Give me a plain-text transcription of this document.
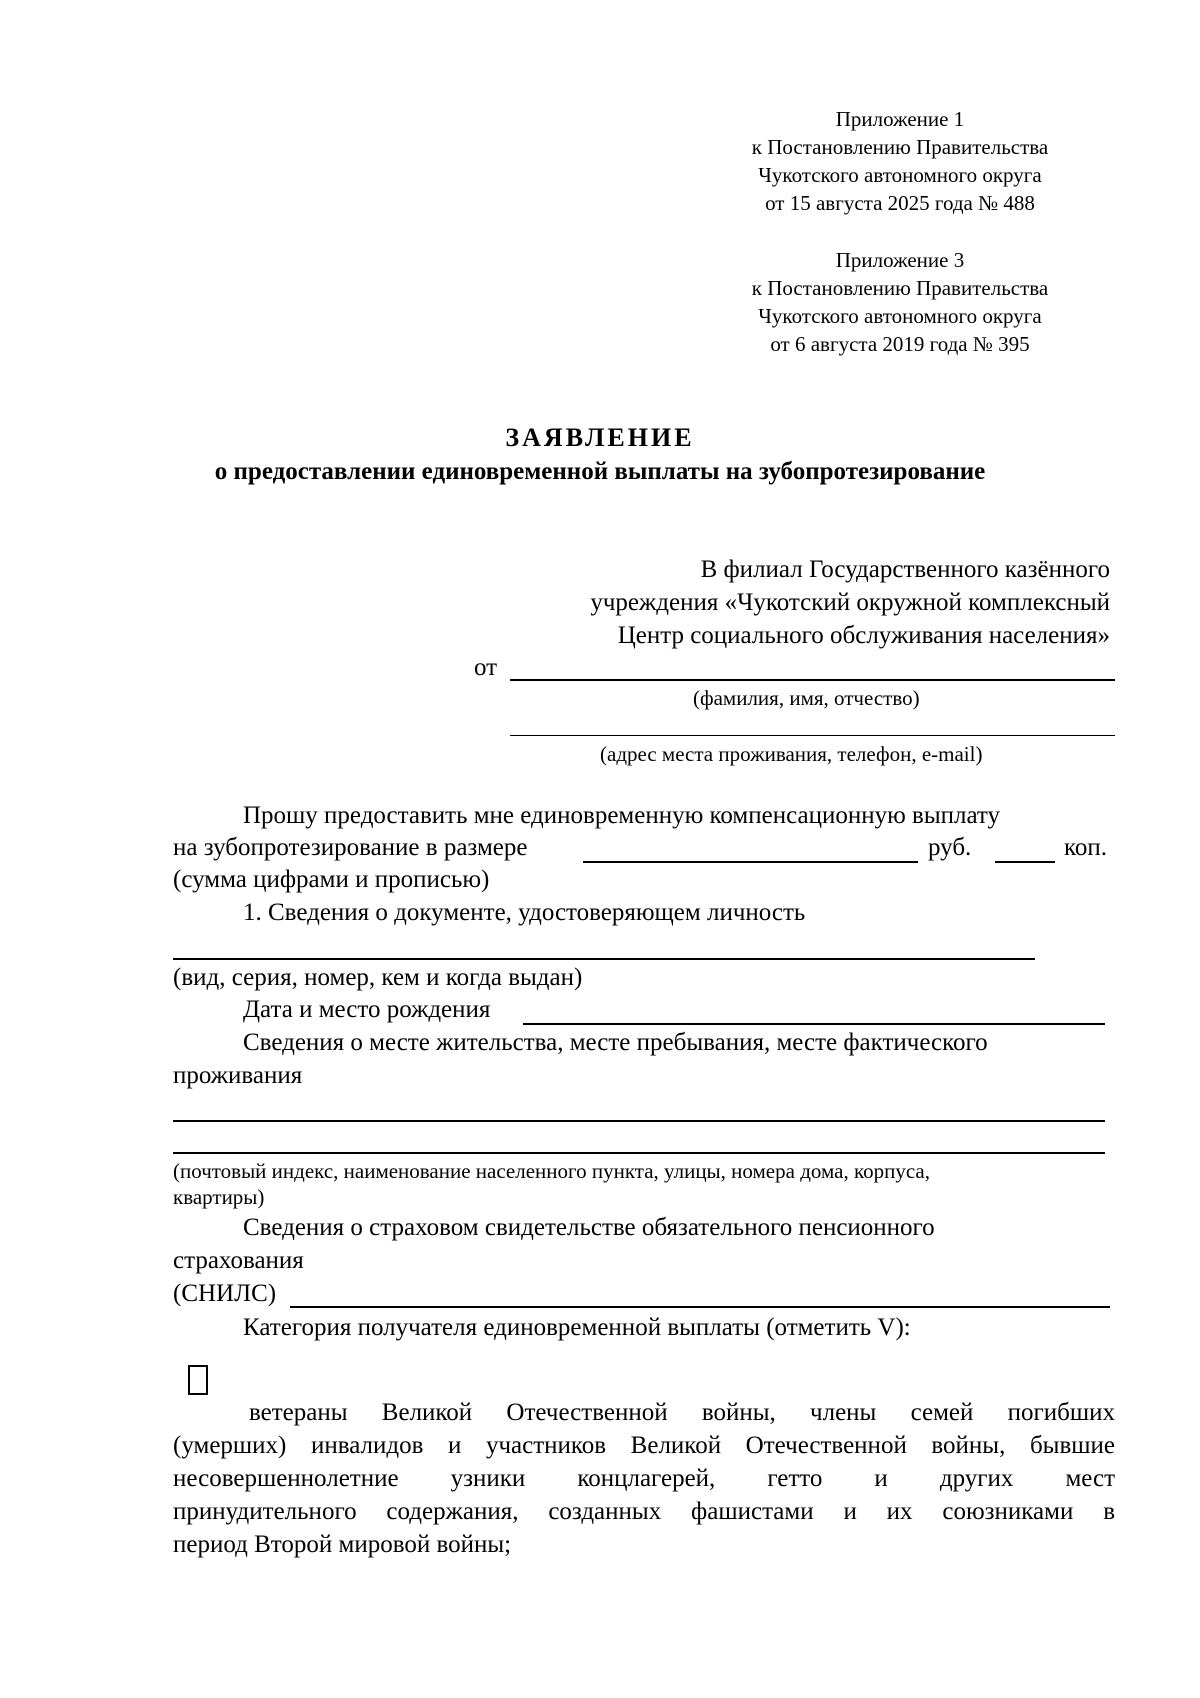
Приложение 1
к Постановлению Правительства
Чукотского автономного округа
от 15 августа 2025 года № 488
Приложение 3
к Постановлению Правительства
Чукотского автономного округа
от 6 августа 2019 года № 395
ЗАЯВЛЕНИЕ
о предоставлении единовременной выплаты на зубопротезирование
В филиал Государственного казённого
учреждения «Чукотский окружной комплексный
Центр социального обслуживания населения»
от
(фамилия, имя, отчество)
(адрес места проживания, телефон, e-mail)
Прошу предоставить мне единовременную компенсационную выплату
на зубопротезирование в размере	руб.	коп.
(сумма цифрами и прописью)
1. Сведения о документе, удостоверяющем личность
(вид, серия, номер, кем и когда выдан)
Дата и место рождения
Сведения о месте жительства, месте пребывания, месте фактического
проживания
(почтовый индекс, наименование населенного пункта, улицы, номера дома, корпуса,
квартиры)
Сведения о страховом свидетельстве обязательного пенсионного
страхования
(СНИЛС)
Категория получателя единовременной выплаты (отметить V):
ветераны Великой Отечественной войны, члены семей погибших
(умерших) инвалидов и участников Великой Отечественной войны, бывшие
несовершеннолетние узники концлагерей, гетто и других мест
принудительного содержания, созданных фашистами и их союзниками в
период Второй мировой войны;
